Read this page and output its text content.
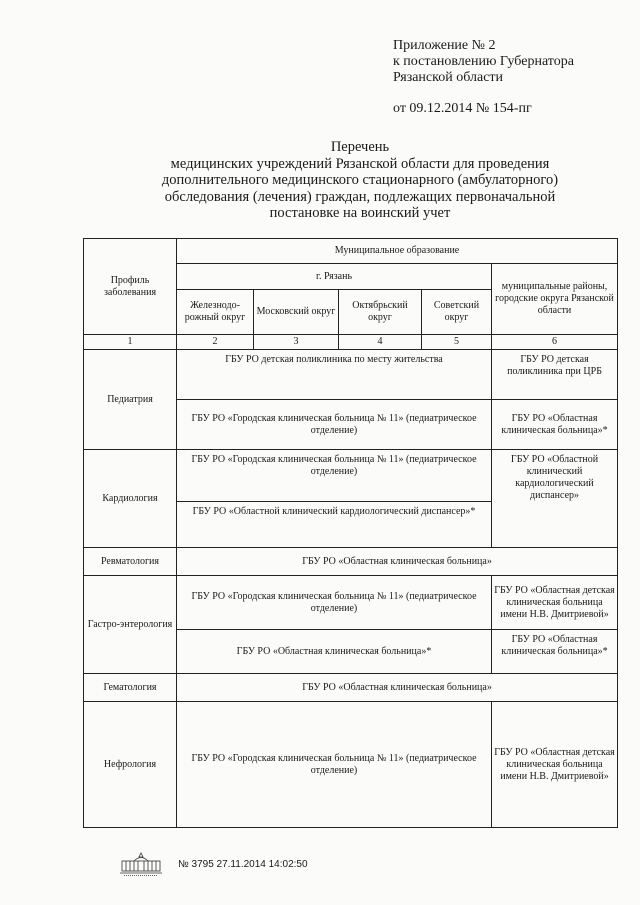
Приложение № 2
к постановлению Губернатора
Рязанской области
от 09.12.2014 № 154-пг
Перечень
медицинских учреждений Рязанской области для проведения
дополнительного медицинского стационарного (амбулаторного)
обследования (лечения) граждан, подлежащих первоначальной
постановке на воинский учет
Профиль заболевания	Муниципальное образование				
	г. Рязань				муниципальные районы, городские округа Рязанской области
	Железнодо-рожный округ	Московский округ	Октябрьский округ	Советский округ	
1	2	3	4	5	6
Педиатрия	ГБУ РО детская поликлиника по месту жительства				ГБУ РО детская поликлиника при ЦРБ
	ГБУ РО «Городская клиническая больница № 11» (педиатрическое отделение)				ГБУ РО «Областная клиническая больница»*
Кардиология	ГБУ РО «Городская клиническая больница № 11» (педиатрическое отделение)				ГБУ РО «Областной клинический кардиологический диспансер»
	ГБУ РО «Областной клинический кардиологический диспансер»*				
Ревматология	ГБУ РО «Областная клиническая больница»				
Гастро-энтерология	ГБУ РО «Городская клиническая больница № 11» (педиатрическое отделение)				ГБУ РО «Областная детская клиническая больница имени Н.В. Дмитриевой»
	ГБУ РО «Областная клиническая больница»*				ГБУ РО «Областная клиническая больница»*
Гематология	ГБУ РО «Областная клиническая больница»				
Нефрология	ГБУ РО «Городская клиническая больница № 11» (педиатрическое отделение)				ГБУ РО «Областная детская клиническая больница имени Н.В. Дмитриевой»
№ 3795 27.11.2014 14:02:50
